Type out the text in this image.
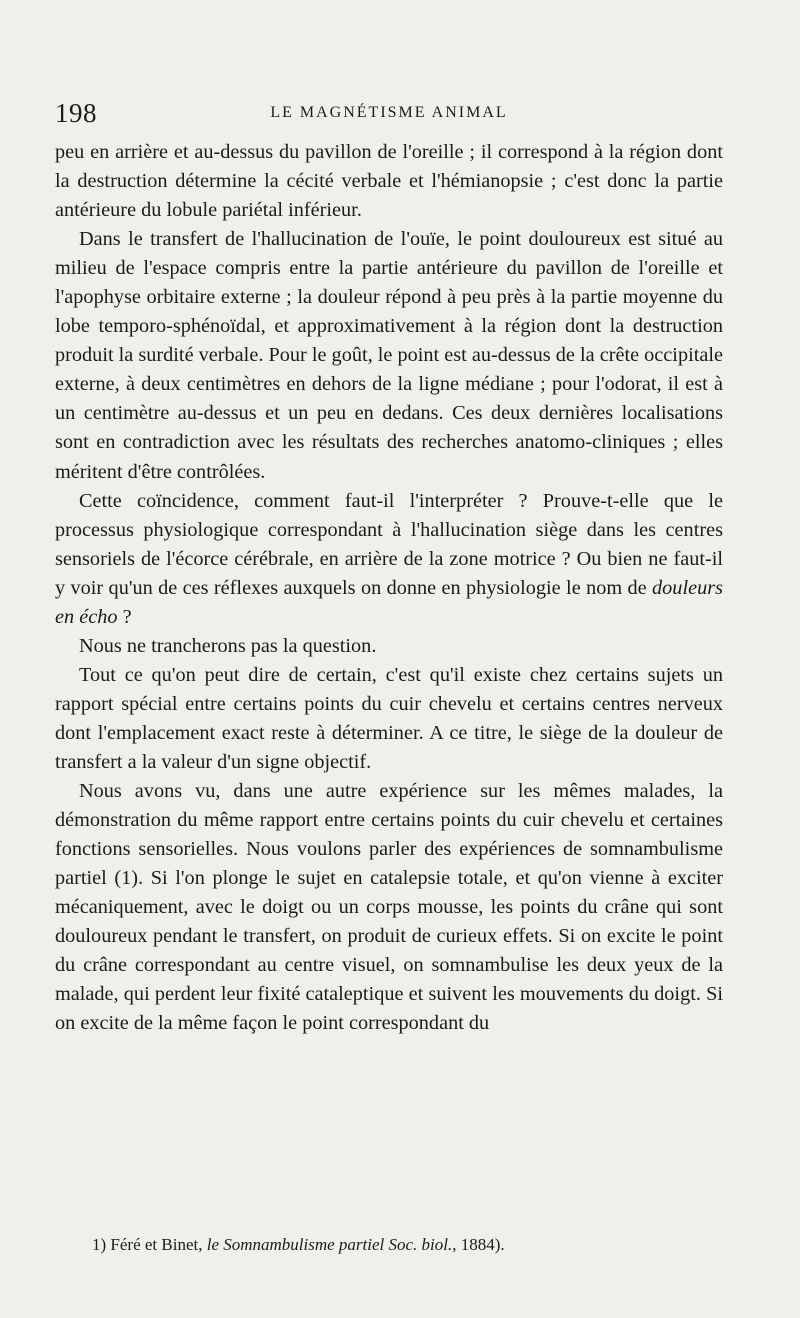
198	LE MAGNÉTISME ANIMAL

peu en arrière et au-dessus du pavillon de l'oreille ; il correspond à la région dont la destruction détermine la cécité verbale et l'hémianopsie ; c'est donc la partie antérieure du lobule pariétal inférieur.

Dans le transfert de l'hallucination de l'ouïe, le point douloureux est situé au milieu de l'espace compris entre la partie antérieure du pavillon de l'oreille et l'apophyse orbitaire externe ; la douleur répond à peu près à la partie moyenne du lobe temporo-sphénoïdal, et approximativement à la région dont la destruction produit la surdité verbale. Pour le goût, le point est au-dessus de la crête occipitale externe, à deux centimètres en dehors de la ligne médiane ; pour l'odorat, il est à un centimètre au-dessus et un peu en dedans. Ces deux dernières localisations sont en contradiction avec les résultats des recherches anatomo-cliniques ; elles méritent d'être contrôlées.

Cette coïncidence, comment faut-il l'interpréter ? Prouve-t-elle que le processus physiologique correspondant à l'hallucination siège dans les centres sensoriels de l'écorce cérébrale, en arrière de la zone motrice ? Ou bien ne faut-il y voir qu'un de ces réflexes auxquels on donne en physiologie le nom de douleurs en écho ?

Nous ne trancherons pas la question.

Tout ce qu'on peut dire de certain, c'est qu'il existe chez certains sujets un rapport spécial entre certains points du cuir chevelu et certains centres nerveux dont l'emplacement exact reste à déterminer. A ce titre, le siège de la douleur de transfert a la valeur d'un signe objectif.

Nous avons vu, dans une autre expérience sur les mêmes malades, la démonstration du même rapport entre certains points du cuir chevelu et certaines fonctions sensorielles. Nous voulons parler des expériences de somnambulisme partiel (1). Si l'on plonge le sujet en catalepsie totale, et qu'on vienne à exciter mécaniquement, avec le doigt ou un corps mousse, les points du crâne qui sont douloureux pendant le transfert, on produit de curieux effets. Si on excite le point du crâne correspondant au centre visuel, on somnambulise les deux yeux de la malade, qui perdent leur fixité cataleptique et suivent les mouvements du doigt. Si on excite de la même façon le point correspondant du

1) Féré et Binet, le Somnambulisme partiel Soc. biol., 1884).
